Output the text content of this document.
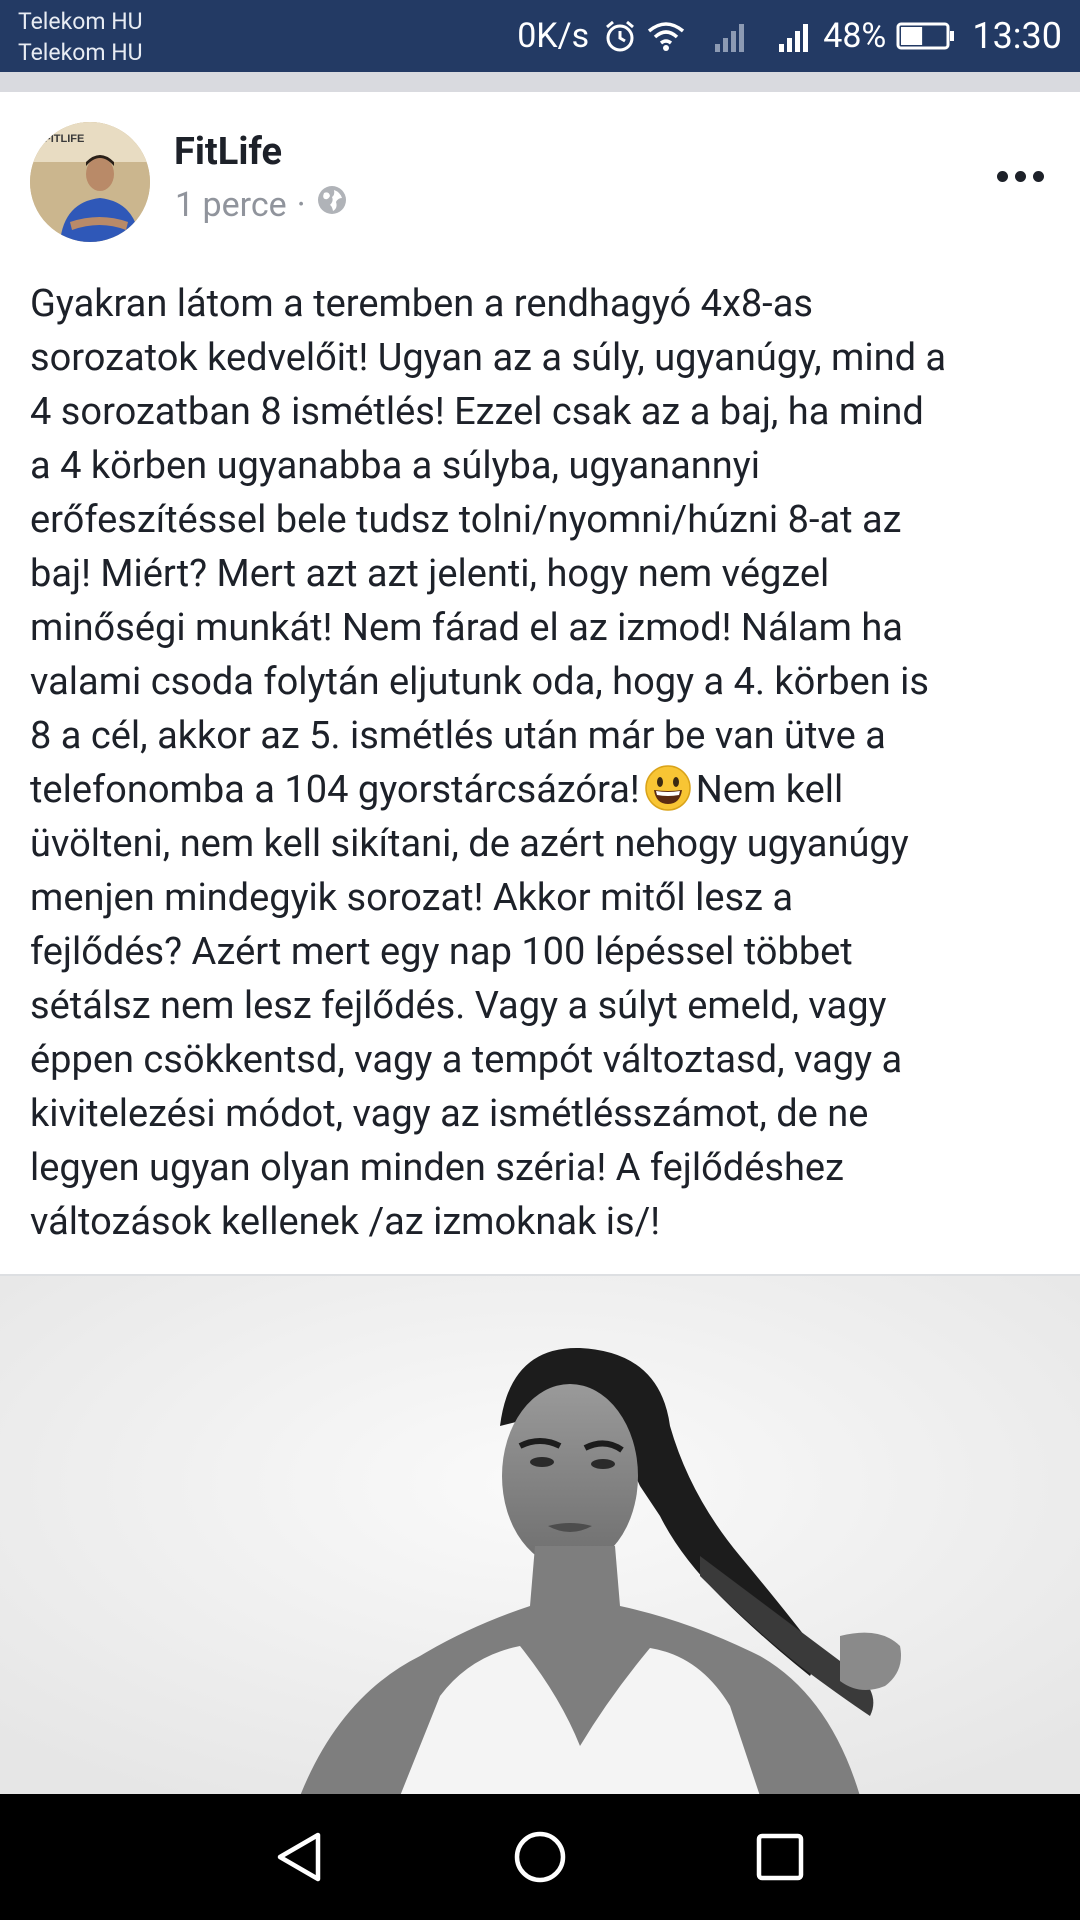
Telekom HU
Telekom HU	0K/s	48% 13:30
FITLIFE FitLife
1 perce ·

Gyakran látom a teremben a rendhagyó 4x8-as

sorozatok kedvelőit! Ugyan az a súly, ugyanúgy, mind a

4 sorozatban 8 ismétlés! Ezzel csak az a baj, ha mind

a 4 körben ugyanabba a súlyba, ugyanannyi

erőfeszítéssel bele tudsz tolni/nyomni/húzni 8-at az

baj! Miért? Mert azt azt jelenti, hogy nem végzel

minőségi munkát! Nem fárad el az izmod! Nálam ha

valami csoda folytán eljutunk oda, hogy a 4. körben is

8 a cél, akkor az 5. ismétlés után már be van ütve a

telefonomba a 104 gyorstárcsázóra! Nem kell

üvölteni, nem kell sikítani, de azért nehogy ugyanúgy

menjen mindegyik sorozat! Akkor mitől lesz a

fejlődés? Azért mert egy nap 100 lépéssel többet

sétálsz nem lesz fejlődés. Vagy a súlyt emeld, vagy

éppen csökkentsd, vagy a tempót változtasd, vagy a

kivitelezési módot, vagy az ismétlésszámot, de ne

legyen ugyan olyan minden széria! A fejlődéshez

változások kellenek /az izmoknak is/!
